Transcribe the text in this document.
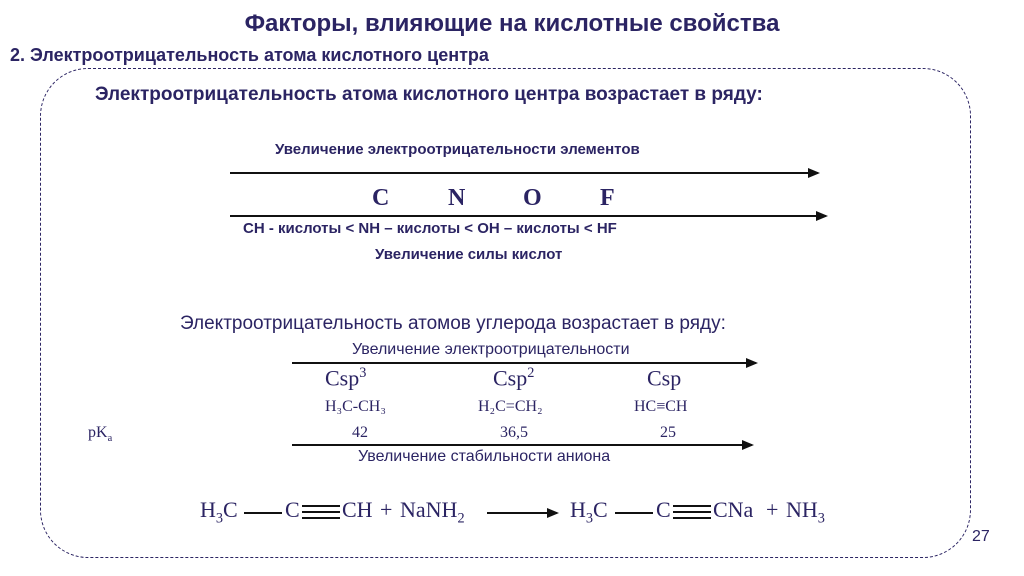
Факторы, влияющие на кислотные свойства
2. Электроотрицательность атома кислотного центра
Электроотрицательность атома кислотного центра возрастает в ряду:
Увеличение электроотрицательности элементов
C N O F
CH - кислоты < NH – кислоты < OH – кислоты < HF
Увеличение силы кислот
Электроотрицательность атомов углерода возрастает в ряду:
Увеличение электроотрицательности
Csp$^3$	Csp$^2$	Csp
H₃C-CH₃	H₂C=CH₂	HC≡CH
$pK_a$	42	36,5	25
Увеличение стабильности аниона
$H_3C$ C CH + NaNH$_2$	$H_3C$ C CNa + $NH_3$
27
